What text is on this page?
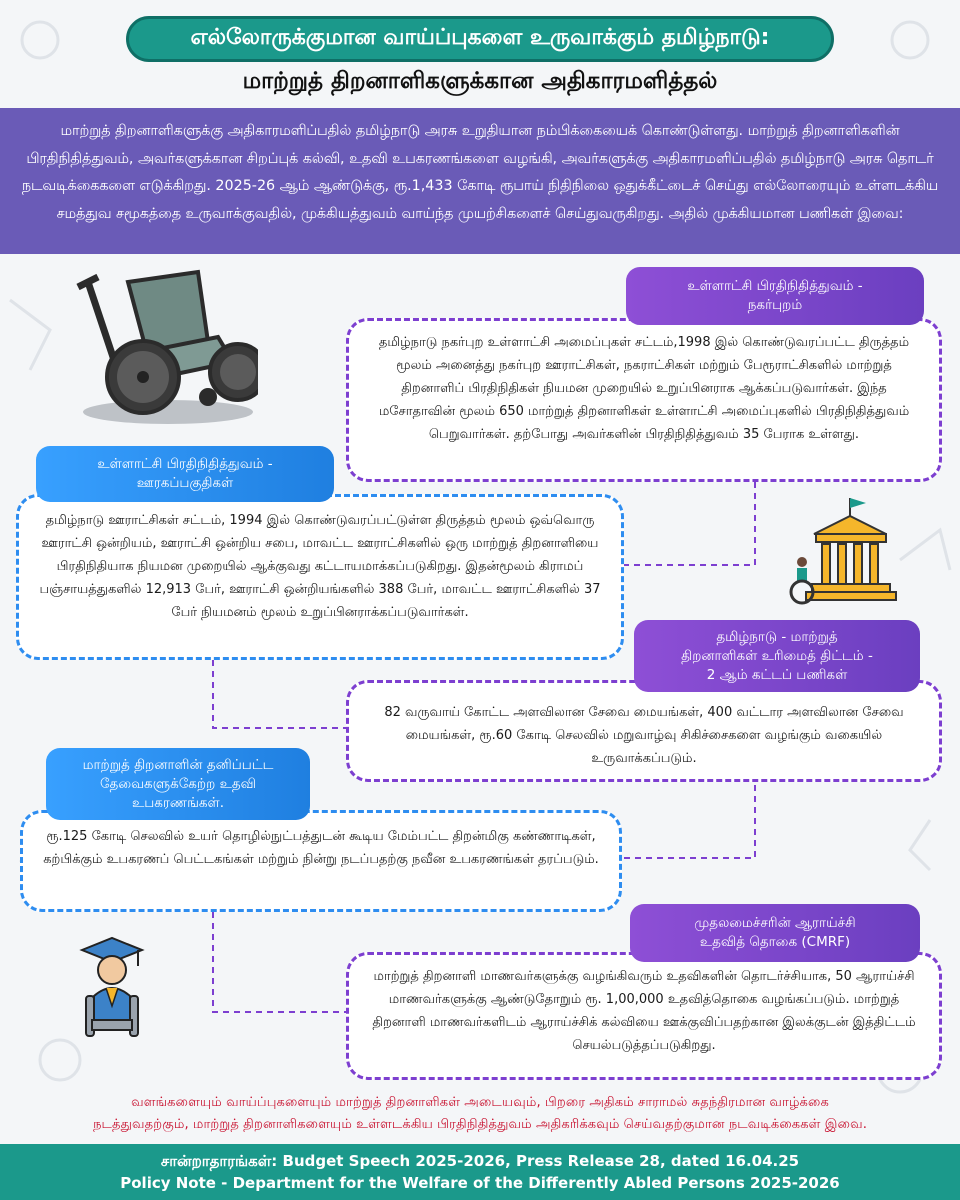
எல்லோருக்குமான வாய்ப்புகளை உருவாக்கும் தமிழ்நாடு:
மாற்றுத் திறனாளிகளுக்கான அதிகாரமளித்தல்
மாற்றுத் திறனாளிகளுக்கு அதிகாரமளிப்பதில் தமிழ்நாடு அரசு உறுதியான நம்பிக்கையைக் கொண்டுள்ளது. மாற்றுத் திறனாளிகளின் பிரதிநிதித்துவம், அவர்களுக்கான சிறப்புக் கல்வி, உதவி உபகரணங்களை வழங்கி, அவர்களுக்கு அதிகாரமளிப்பதில் தமிழ்நாடு அரசு தொடர் நடவடிக்கைகளை எடுக்கிறது. 2025-26 ஆம் ஆண்டுக்கு, ரூ.1,433 கோடி ரூபாய் நிதிநிலை ஒதுக்கீட்டைச் செய்து எல்லோரையும் உள்ளடக்கிய சமத்துவ சமூகத்தை உருவாக்குவதில், முக்கியத்துவம் வாய்ந்த முயற்சிகளைச் செய்துவருகிறது. அதில் முக்கியமான பணிகள் இவை:
உள்ளாட்சி பிரதிநிதித்துவம் -
நகர்புறம்

தமிழ்நாடு நகர்புற உள்ளாட்சி அமைப்புகள் சட்டம்,1998 இல் கொண்டுவரப்பட்ட திருத்தம் மூலம் அனைத்து நகர்புற ஊராட்சிகள், நகராட்சிகள் மற்றும் பேரூராட்சிகளில் மாற்றுத் திறனாளிப் பிரதிநிதிகள் நியமன முறையில் உறுப்பினராக ஆக்கப்படுவார்கள். இந்த மசோதாவின் மூலம் 650 மாற்றுத் திறனாளிகள் உள்ளாட்சி அமைப்புகளில் பிரதிநிதித்துவம் பெறுவார்கள். தற்போது அவர்களின் பிரதிநிதித்துவம் 35 பேராக உள்ளது.

உள்ளாட்சி பிரதிநிதித்துவம் -
ஊரகப்பகுதிகள்

தமிழ்நாடு ஊராட்சிகள் சட்டம், 1994 இல் கொண்டுவரப்பட்டுள்ள திருத்தம் மூலம் ஒவ்வொரு ஊராட்சி ஒன்றியம், ஊராட்சி ஒன்றிய சபை, மாவட்ட ஊராட்சிகளில் ஒரு மாற்றுத் திறனாளியை பிரதிநிதியாக நியமன முறையில் ஆக்குவது கட்டாயமாக்கப்படுகிறது. இதன்மூலம் கிராமப் பஞ்சாயத்துகளில் 12,913 பேர், ஊராட்சி ஒன்றியங்களில் 388 பேர், மாவட்ட ஊராட்சிகளில் 37 பேர் நியமனம் மூலம் உறுப்பினராக்கப்படுவார்கள்.

தமிழ்நாடு - மாற்றுத்
திறனாளிகள் உரிமைத் திட்டம் -
2 ஆம் கட்டப் பணிகள்

82 வருவாய் கோட்ட அளவிலான சேவை மையங்கள், 400 வட்டார அளவிலான சேவை மையங்கள், ரூ.60 கோடி செலவில் மறுவாழ்வு சிகிச்சைகளை வழங்கும் வகையில் உருவாக்கப்படும்.

மாற்றுத் திறனாளின் தனிப்பட்ட
தேவைகளுக்கேற்ற உதவி
உபகரணங்கள்.

ரூ.125 கோடி செலவில் உயர் தொழில்நுட்பத்துடன் கூடிய மேம்பட்ட திறன்மிகு கண்ணாடிகள், கற்பிக்கும் உபகரணப் பெட்டகங்கள் மற்றும் நின்று நடப்பதற்கு நவீன உபகரணங்கள் தரப்படும்.

முதலமைச்சரின் ஆராய்ச்சி
உதவித் தொகை (CMRF)

மாற்றுத் திறனாளி மாணவர்களுக்கு வழங்கிவரும் உதவிகளின் தொடர்ச்சியாக, 50 ஆராய்ச்சி மாணவர்களுக்கு ஆண்டுதோறும் ரூ. 1,00,000 உதவித்தொகை வழங்கப்படும். மாற்றுத் திறனாளி மாணவர்களிடம் ஆராய்ச்சிக் கல்வியை ஊக்குவிப்பதற்கான இலக்குடன் இத்திட்டம் செயல்படுத்தப்படுகிறது.

வளங்களையும் வாய்ப்புகளையும் மாற்றுத் திறனாளிகள் அடையவும், பிறரை அதிகம் சாராமல் சுதந்திரமான வாழ்க்கை
நடத்துவதற்கும், மாற்றுத் திறனாளிகளையும் உள்ளடக்கிய பிரதிநிதித்துவம் அதிகரிக்கவும் செய்வதற்குமான நடவடிக்கைகள் இவை.
சான்றாதாரங்கள்: Budget Speech 2025-2026, Press Release 28, dated 16.04.25
Policy Note - Department for the Welfare of the Differently Abled Persons 2025-2026
